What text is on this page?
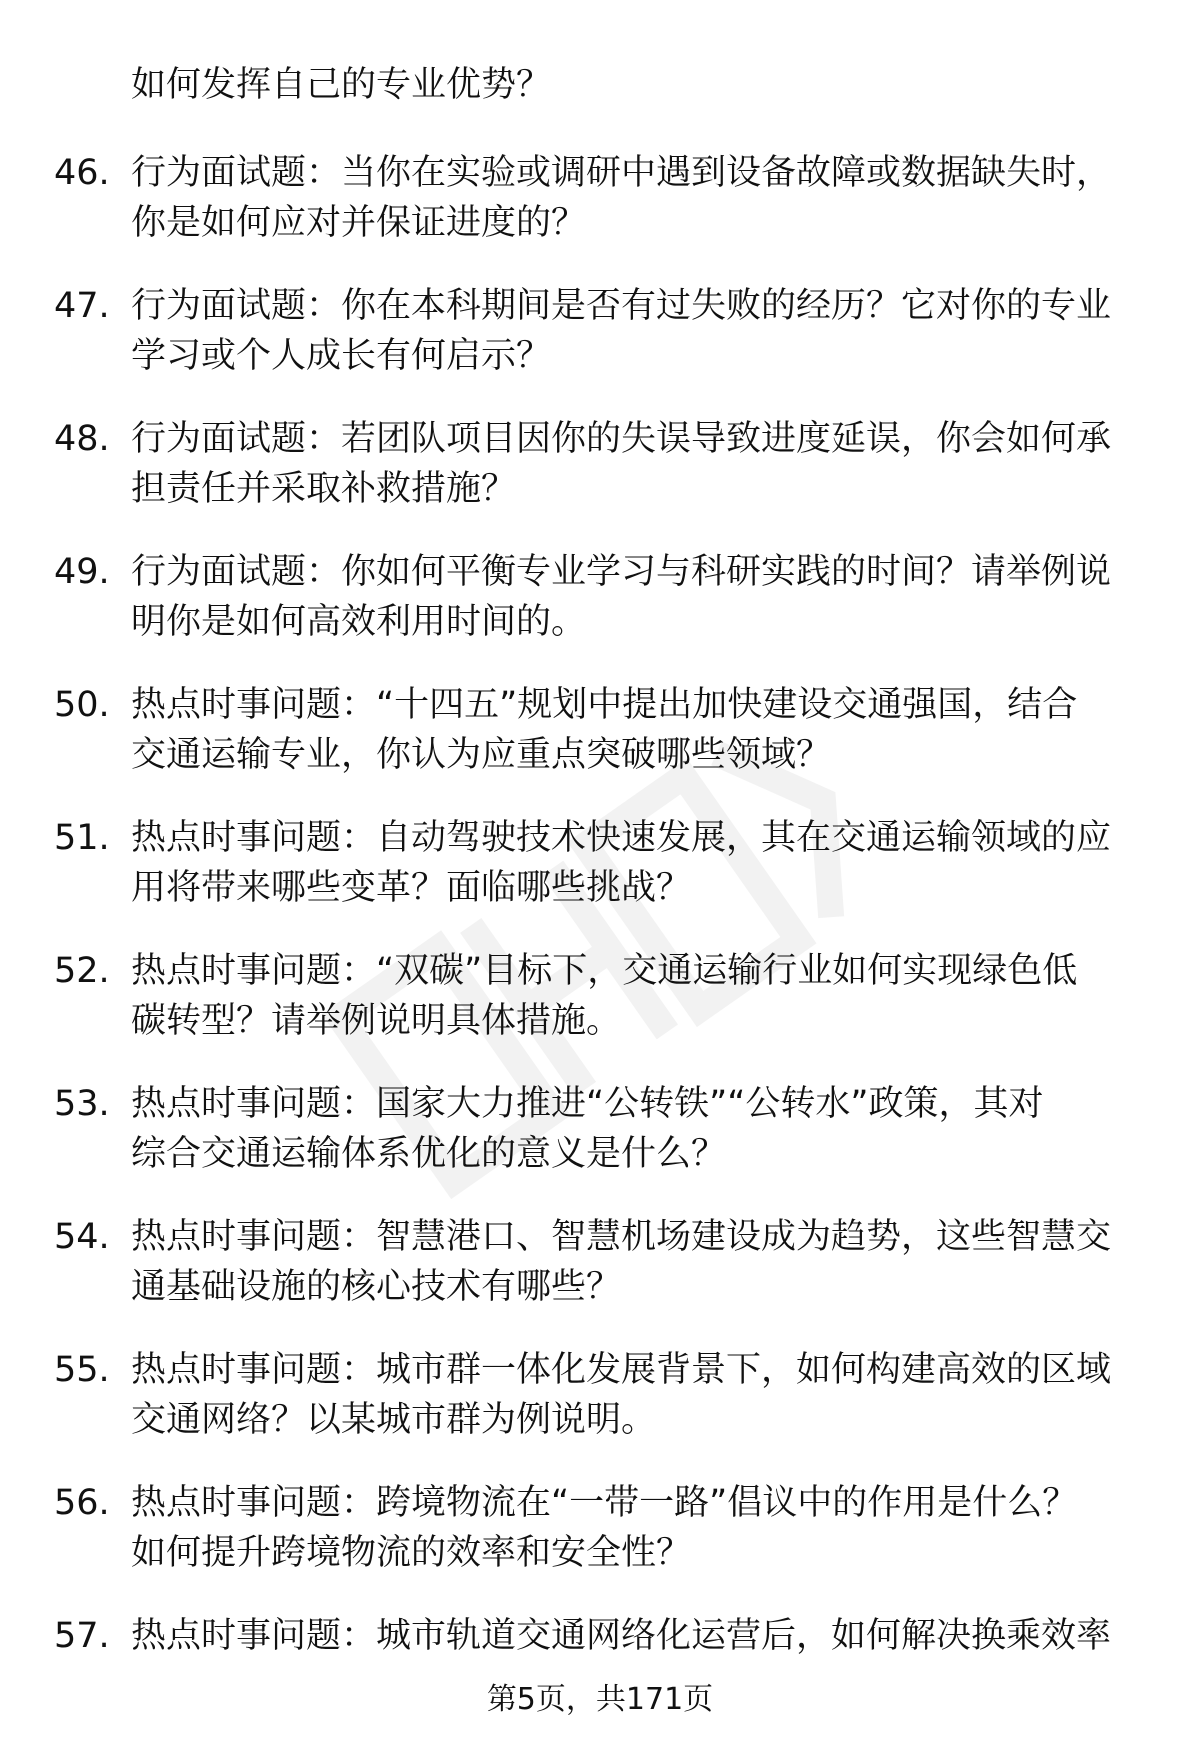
如何发挥自己的专业优势？
46. 行为面试题：当你在实验或调研中遇到设备故障或数据缺失时，
你是如何应对并保证进度的？
47. 行为面试题：你在本科期间是否有过失败的经历？它对你的专业
学习或个人成长有何启示？
48. 行为面试题：若团队项目因你的失误导致进度延误，你会如何承
担责任并采取补救措施？
49. 行为面试题：你如何平衡专业学习与科研实践的时间？请举例说
明你是如何高效利用时间的。
50. 热点时事问题：“十四五”规划中提出加快建设交通强国，结合
交通运输专业，你认为应重点突破哪些领域？
51. 热点时事问题：自动驾驶技术快速发展，其在交通运输领域的应
用将带来哪些变革？面临哪些挑战？
52. 热点时事问题：“双碳”目标下，交通运输行业如何实现绿色低
碳转型？请举例说明具体措施。
53. 热点时事问题：国家大力推进“公转铁”“公转水”政策，其对
综合交通运输体系优化的意义是什么？
54. 热点时事问题：智慧港口、智慧机场建设成为趋势，这些智慧交
通基础设施的核心技术有哪些？
55. 热点时事问题：城市群一体化发展背景下，如何构建高效的区域
交通网络？以某城市群为例说明。
56. 热点时事问题：跨境物流在“一带一路”倡议中的作用是什么？
如何提升跨境物流的效率和安全性？
57. 热点时事问题：城市轨道交通网络化运营后，如何解决换乘效率
第5页，共171页
